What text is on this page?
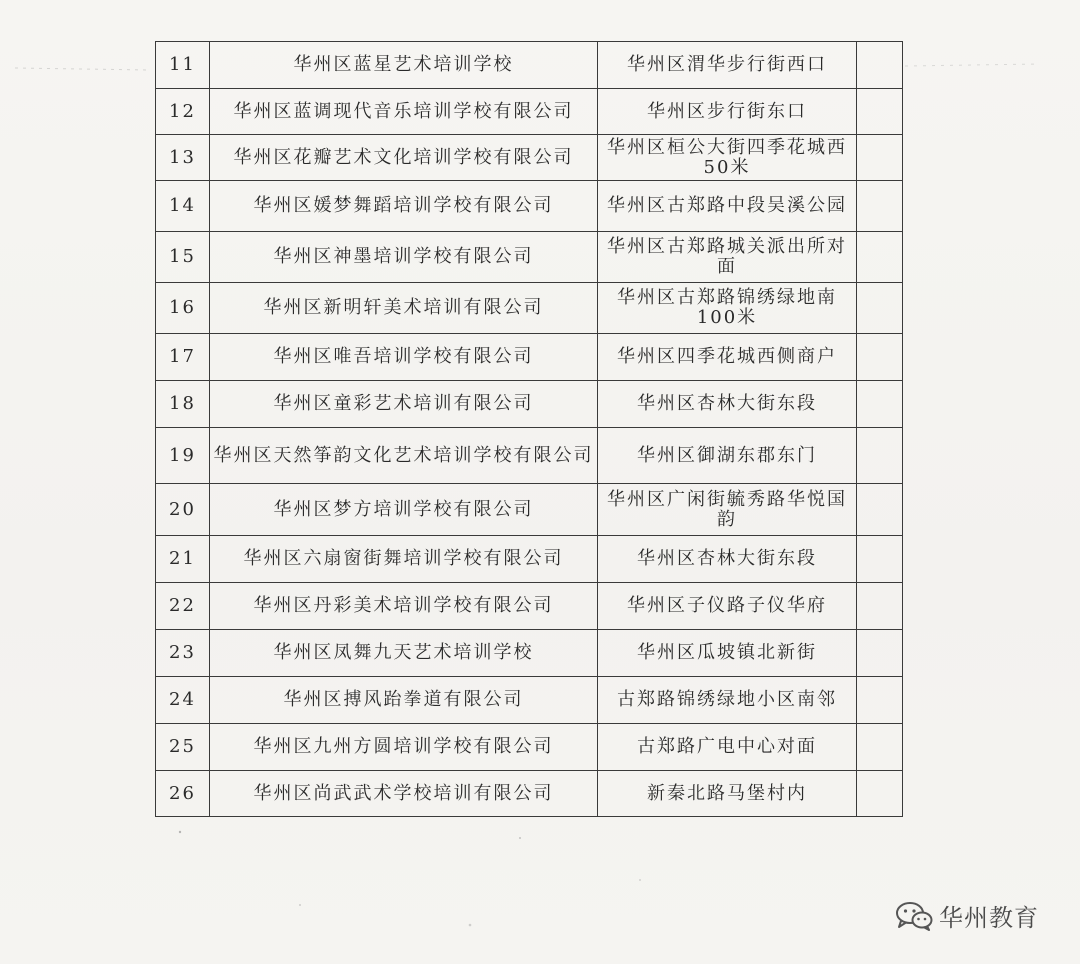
11	华州区蓝星艺术培训学校	华州区渭华步行街西口	
12	华州区蓝调现代音乐培训学校有限公司	华州区步行街东口	
13	华州区花瓣艺术文化培训学校有限公司	华州区桓公大街四季花城西50米	
14	华州区媛梦舞蹈培训学校有限公司	华州区古郑路中段吴溪公园	
15	华州区神墨培训学校有限公司	华州区古郑路城关派出所对面	
16	华州区新明轩美术培训有限公司	华州区古郑路锦绣绿地南100米	
17	华州区唯吾培训学校有限公司	华州区四季花城西侧商户	
18	华州区童彩艺术培训有限公司	华州区杏林大街东段	
19	华州区天然筝韵文化艺术培训学校有限公司	华州区御湖东郡东门	
20	华州区梦方培训学校有限公司	华州区广闲街毓秀路华悦国韵	
21	华州区六扇窗街舞培训学校有限公司	华州区杏林大街东段	
22	华州区丹彩美术培训学校有限公司	华州区子仪路子仪华府	
23	华州区凤舞九天艺术培训学校	华州区瓜坡镇北新街	
24	华州区搏风跆拳道有限公司	古郑路锦绣绿地小区南邻	
25	华州区九州方圆培训学校有限公司	古郑路广电中心对面	
26	华州区尚武武术学校培训有限公司	新秦北路马堡村内	
华州教育
